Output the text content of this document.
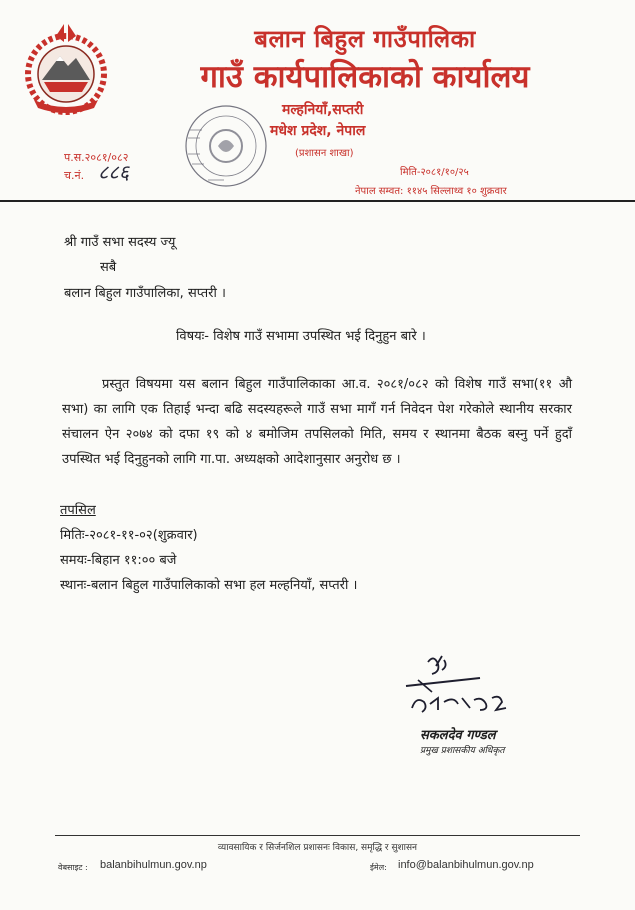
बलान बिहुल गाउँपालिका
गाउँ कार्यपालिकाको कार्यालय
मल्हनियाँ,सप्तरी
मधेश प्रदेश, नेपाल
(प्रशासन शाखा)
प.स.२०८१/०८२
च.नं. ८८६	मिति-२०८१/१०/२५
नेपाल सम्वत: ११४५ सिल्लाथ्व १० शुक्रवार
श्री गाउँ सभा सदस्य ज्यू
सबै
बलान बिहुल गाउँपालिका, सप्तरी ।
विषयः- विशेष गाउँ सभामा उपस्थित भई दिनुहुन बारे ।
प्रस्तुत विषयमा यस बलान बिहुल गाउँपालिकाका आ.व. २०८१/०८२ को विशेष गाउँ सभा(११ औ सभा) का लागि एक तिहाई भन्दा बढि सदस्यहरूले गाउँ सभा मागँ गर्न निवेदन पेश गरेकोले स्थानीय सरकार संचालन ऐन २०७४ को दफा १९ को ४ बमोजिम तपसिलको मिति, समय र स्थानमा बैठक बस्नु पर्ने हुदाँ उपस्थित भई दिनुहुनको लागि गा.पा. अध्यक्षको आदेशानुसार अनुरोध छ ।
तपसिल
मितिः-२०८१-११-०२(शुक्रवार)
समयः-बिहान ११:०० बजे
स्थानः-बलान बिहुल गाउँपालिकाको सभा हल मल्हनियाँ, सप्तरी ।
सकलदेव गण्डल
प्रमुख प्रशासकीय अधिकृत
व्यावसायिक र सिर्जनशिल प्रशासनः विकास, समृद्धि र सुशासन
वेबसाइट : balanbihulmun.gov.np	ईमेल: info@balanbihulmun.gov.np
